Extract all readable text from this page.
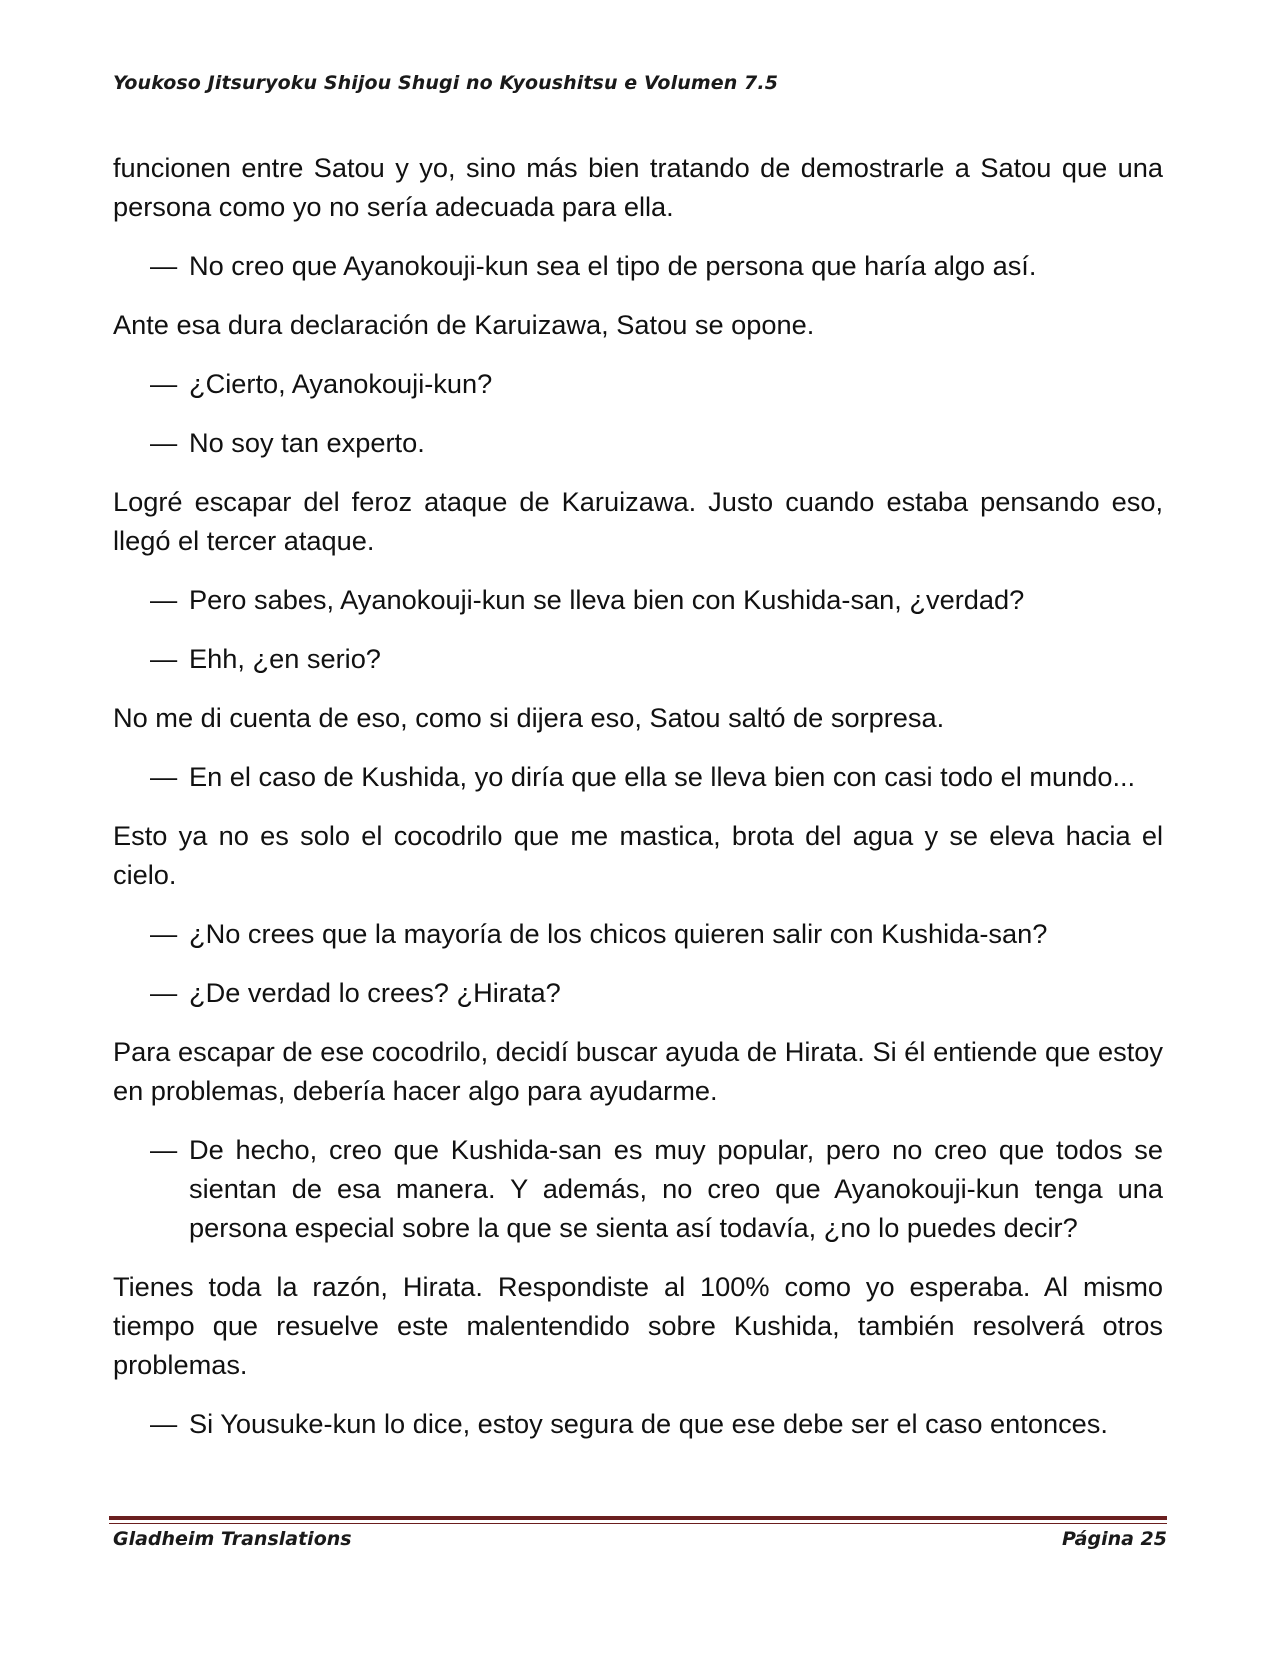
Youkoso Jitsuryoku Shijou Shugi no Kyoushitsu e Volumen 7.5

funcionen entre Satou y yo, sino más bien tratando de demostrarle a Satou que una persona como yo no sería adecuada para ella.

— No creo que Ayanokouji-kun sea el tipo de persona que haría algo así.

Ante esa dura declaración de Karuizawa, Satou se opone.

— ¿Cierto, Ayanokouji-kun?

— No soy tan experto.

Logré escapar del feroz ataque de Karuizawa. Justo cuando estaba pensando eso, llegó el tercer ataque.

— Pero sabes, Ayanokouji-kun se lleva bien con Kushida-san, ¿verdad?

— Ehh, ¿en serio?

No me di cuenta de eso, como si dijera eso, Satou saltó de sorpresa.

— En el caso de Kushida, yo diría que ella se lleva bien con casi todo el mundo...

Esto ya no es solo el cocodrilo que me mastica, brota del agua y se eleva hacia el cielo.

— ¿No crees que la mayoría de los chicos quieren salir con Kushida-san?

— ¿De verdad lo crees? ¿Hirata?

Para escapar de ese cocodrilo, decidí buscar ayuda de Hirata. Si él entiende que estoy en problemas, debería hacer algo para ayudarme.

— De hecho, creo que Kushida-san es muy popular, pero no creo que todos se sientan de esa manera. Y además, no creo que Ayanokouji-kun tenga una persona especial sobre la que se sienta así todavía, ¿no lo puedes decir?

Tienes toda la razón, Hirata. Respondiste al 100% como yo esperaba. Al mismo tiempo que resuelve este malentendido sobre Kushida, también resolverá otros problemas.

— Si Yousuke-kun lo dice, estoy segura de que ese debe ser el caso entonces.

Gladheim Translations	Página 25
